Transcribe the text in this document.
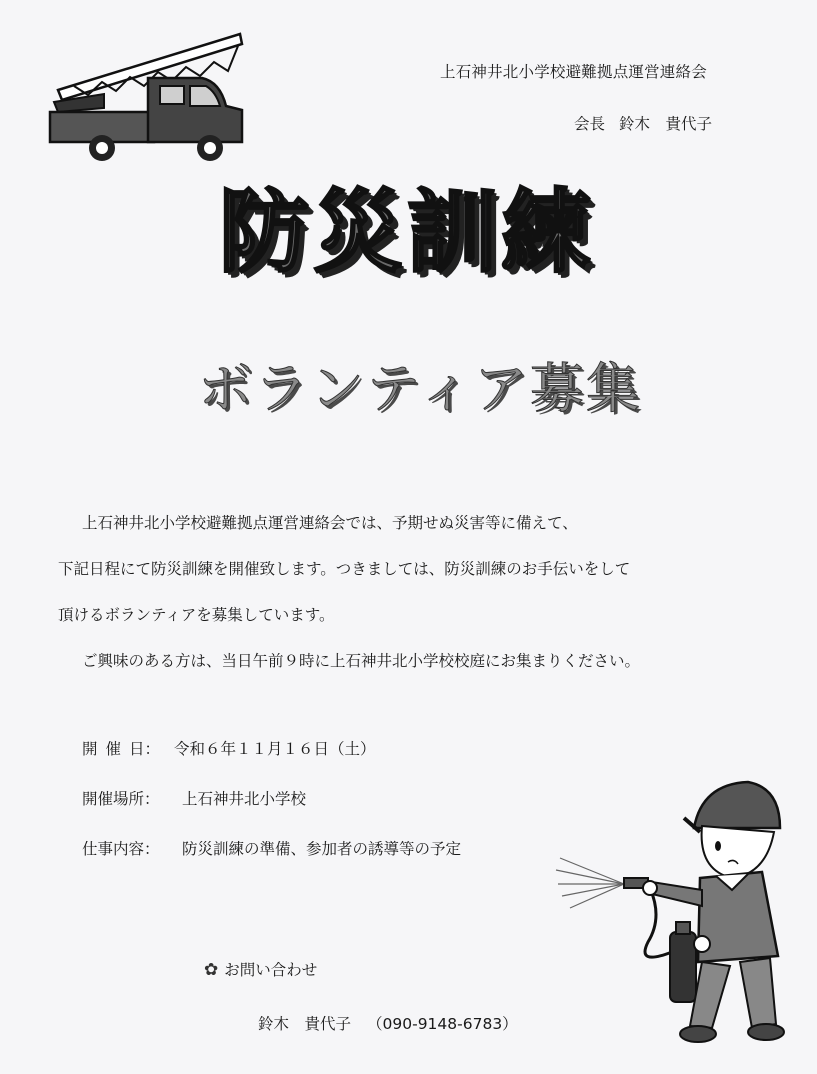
上石神井北小学校避難拠点運営連絡会
会長 鈴木　貴代子
防災訓練
ボランティア募集

上石神井北小学校避難拠点運営連絡会では、予期せぬ災害等に備えて、

下記日程にて防災訓練を開催致します。つきましては、防災訓練のお手伝いをして

頂けるボランティアを募集しています。

ご興味のある方は、当日午前９時に上石神井北小学校校庭にお集まりください。

開催日： 令和６年１１月１６日（土）
開催場所： 上石神井北小学校
仕事内容： 防災訓練の準備、参加者の誘導等の予定
✿ お問い合わせ
鈴木　貴代子 （090-9148-6783）
